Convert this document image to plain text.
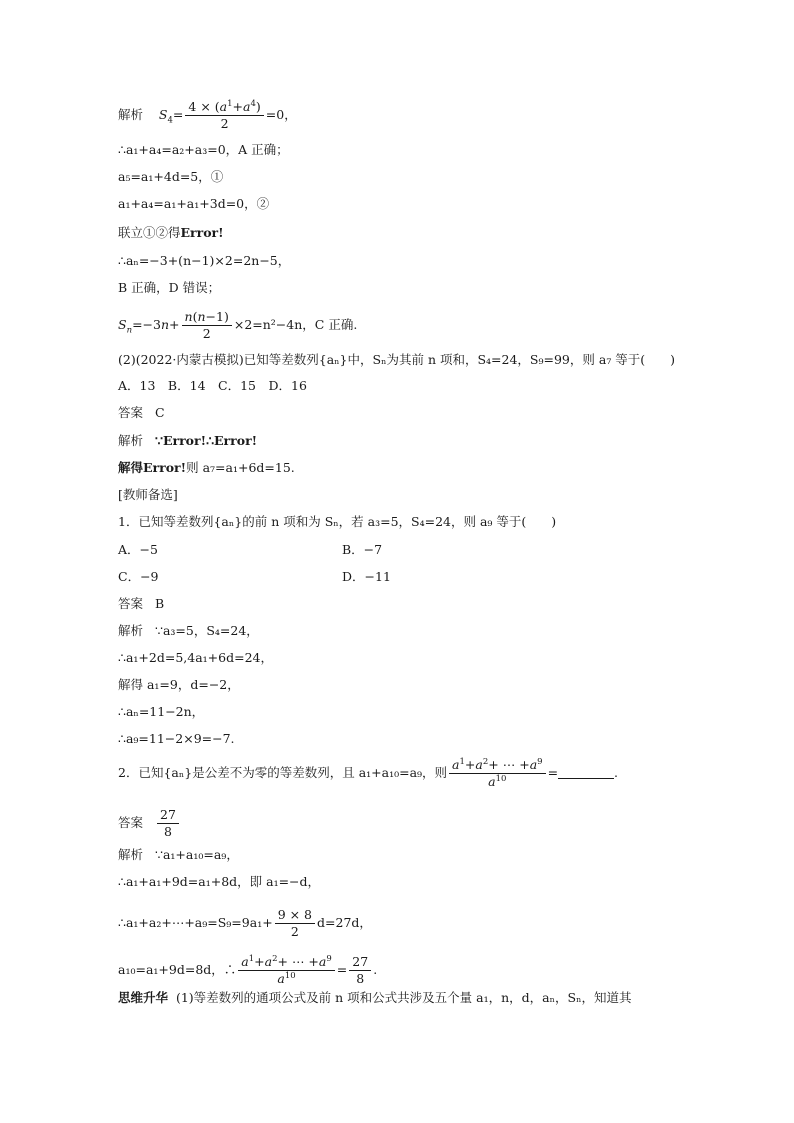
解析 $S_4= \frac{4 \times (a^1+a^4)}{2} =0$，
∴a₁+a₄=a₂+a₃=0，A 正确；
a₅=a₁+4d=5，①
a₁+a₄=a₁+a₁+3d=0，②
联立①②得Error!
∴aₙ=−3+(n−1)×2=2n−5，
B 正确，D 错误；
$S_n=-3n+ \frac{n(n-1)}{2} \times 2=n^2-4n$，C 正确.
(2)(2022·内蒙古模拟)已知等差数列{aₙ}中，Sₙ为其前 n 项和，S₄=24，S₉=99，则 a₇ 等于(　　)
A．13　B．14　C．15　D．16
答案 C
解析 ∵Error!∴Error!
解得Error!则 a₇=a₁+6d=15.
[教师备选]
1．已知等差数列{aₙ}的前 n 项和为 Sₙ，若 a₃=5，S₄=24，则 a₉ 等于(　　)
A．−5	B．−7
C．−9	D．−11
答案 B
解析 ∵a₃=5，S₄=24，
∴a₁+2d=5,4a₁+6d=24，
解得 a₁=9，d=−2，
∴aₙ=11−2n，
∴a₉=11−2×9=−7.
2．已知{aₙ}是公差不为零的等差数列，且 a₁+a₁₀=a₉，则 $\frac{a^1+a^2+ \cdots +a^9}{a^{10}}$ =	.
答案 $\frac{27}{8}$
解析 ∵a₁+a₁₀=a₉，
∴a₁+a₁+9d=a₁+8d，即 a₁=−d，
∴a₁+a₂+⋯+a₉=S₉=9a₁+ $\frac{9 \times 8}{2} d=27d$，
a₁₀=a₁+9d=8d，∴ $\frac{a^1+a^2+ \cdots +a^9}{a^{10}} = \frac{27}{8}$ .
思维升华 (1)等差数列的通项公式及前 n 项和公式共涉及五个量 a₁，n，d，aₙ，Sₙ，知道其
